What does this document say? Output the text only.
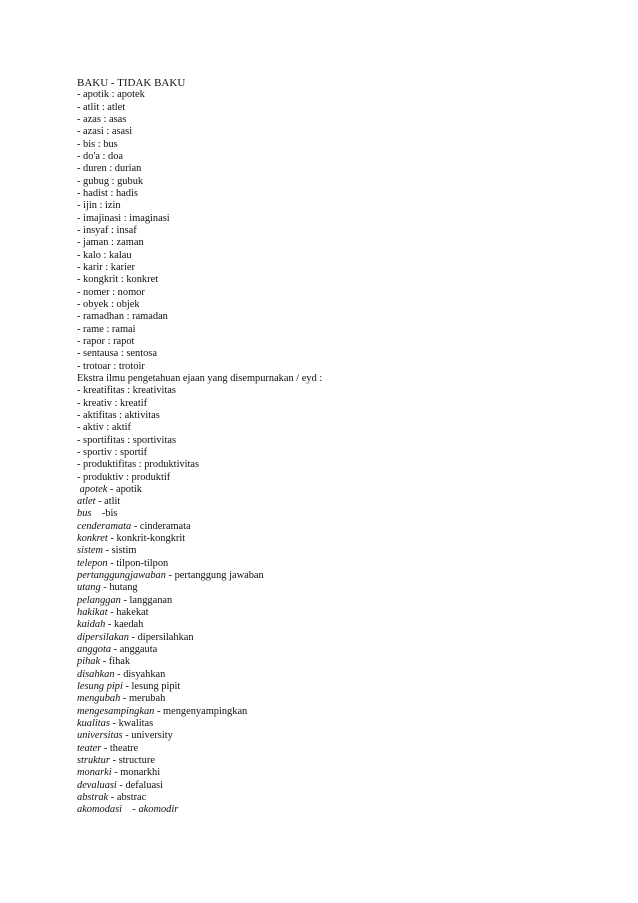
BAKU - TIDAK BAKU
- apotik : apotek
- atlit : atlet
- azas : asas
- azasi : asasi
- bis : bus
- do'a : doa
- duren : durian
- gubug : gubuk
- hadist : hadis
- ijin : izin
- imajinasi : imaginasi
- insyaf : insaf
- jaman : zaman
- kalo : kalau
- karir : karier
- kongkrit : konkret
- nomer : nomor
- obyek : objek
- ramadhan : ramadan
- rame : ramai
- rapor : rapot
- sentausa : sentosa
- trotoar : trotoir
Ekstra ilmu pengetahuan ejaan yang disempurnakan / eyd :
- kreatifitas : kreativitas
- kreativ : kreatif
- aktifitas : aktivitas
- aktiv : aktif
- sportifitas : sportivitas
- sportiv : sportif
- produktifitas : produktivitas
- produktiv : produktif
apotek - apotik
atlet - atlit
bus    -bis
cenderamata - cinderamata
konkret - konkrit-kongkrit
sistem - sistim
telepon - tilpon-tilpon
pertanggungjawaban - pertanggung jawaban
utang - hutang
pelanggan - langganan
hakikat - hakekat
kaidah - kaedah
dipersilakan - dipersilahkan
anggota - anggauta
pihak - fihak
disahkan - disyahkan
lesung pipi - lesung pipit
mengubah - merubah
mengesampingkan - mengenyampingkan
kualitas - kwalitas
universitas - university
teater - theatre
struktur - structure
monarki - monarkhi
devaluasi - defaluasi
abstrak - abstrac
akomodasi    - akomodir
